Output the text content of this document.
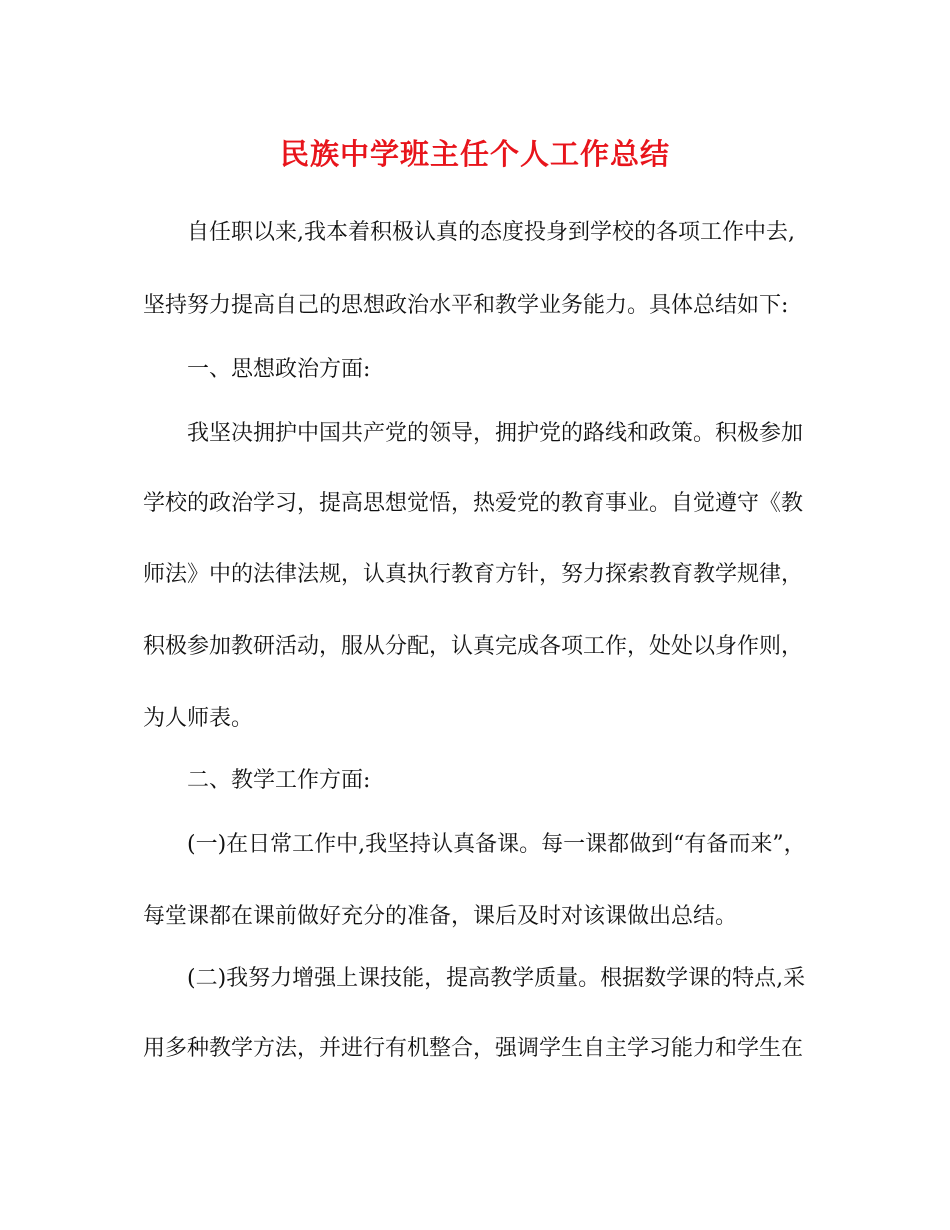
民族中学班主任个人工作总结

自任职以来,我本着积极认真的态度投身到学校的各项工作中去,

坚持努力提高自己的思想政治水平和教学业务能力。具体总结如下:

一、思想政治方面:

我坚决拥护中国共产党的领导，拥护党的路线和政策。积极参加

学校的政治学习，提高思想觉悟，热爱党的教育事业。自觉遵守《教

师法》中的法律法规，认真执行教育方针，努力探索教育教学规律，

积极参加教研活动，服从分配，认真完成各项工作，处处以身作则，

为人师表。

二、教学工作方面:

(一)在日常工作中,我坚持认真备课。每一课都做到“有备而来”，

每堂课都在课前做好充分的准备，课后及时对该课做出总结。

(二)我努力增强上课技能，提高教学质量。根据数学课的特点,采

用多种教学方法，并进行有机整合，强调学生自主学习能力和学生在
